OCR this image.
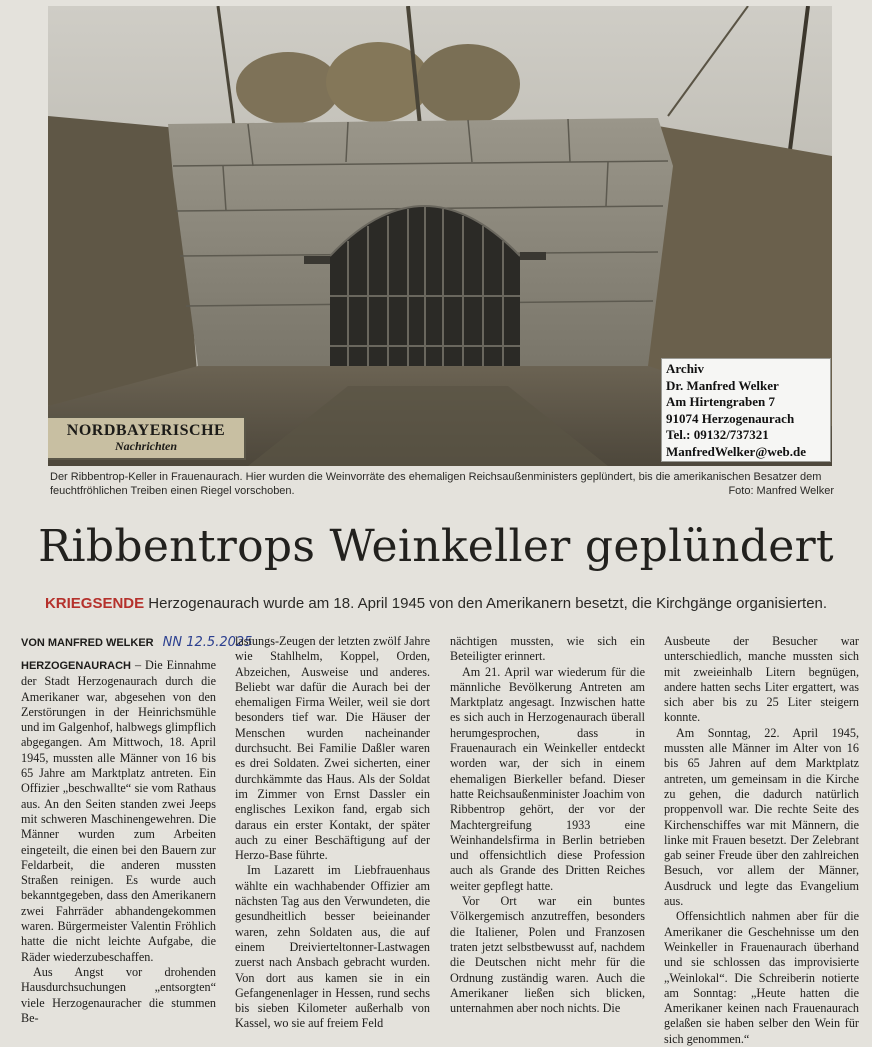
NORDBAYERISCHE
Nachrichten
Archiv
Dr. Manfred Welker
Am Hirtengraben 7
91074 Herzogenaurach
Tel.: 09132/737321
ManfredWelker@web.de
Der Ribbentrop-Keller in Frauenaurach. Hier wurden die Weinvorräte des ehemaligen Reichsaußenministers geplündert, bis die amerikanischen Besatzer dem feuchtfröhlichen Treiben einen Riegel vorschoben.	Foto: Manfred Welker
Ribbentrops Weinkeller geplündert
KRIEGSENDE Herzogenaurach wurde am 18. April 1945 von den Amerikanern besetzt, die Kirchgänge organisierten.
VON MANFRED WELKER NN 12.5.2025

HERZOGENAURACH – Die Einnahme der Stadt Herzogenaurach durch die Amerikaner war, abgesehen von den Zerstörungen in der Heinrichsmühle und im Galgenhof, halbwegs glimpflich abgegangen. Am Mittwoch, 18. April 1945, mussten alle Männer von 16 bis 65 Jahre am Marktplatz antreten. Ein Offizier „beschwallte“ sie vom Rathaus aus. An den Seiten standen zwei Jeeps mit schweren Maschinengewehren. Die Männer wurden zum Arbeiten eingeteilt, die einen bei den Bauern zur Feldarbeit, die anderen mussten Straßen reinigen. Es wurde auch bekanntgegeben, dass den Amerikanern zwei Fahrräder abhandengekommen waren. Bürgermeister Valentin Fröhlich hatte die nicht leichte Aufgabe, die Räder wiederzubeschaffen.

Aus Angst vor drohenden Hausdurchsuchungen „entsorgten“ viele Herzogenauracher die stummen Be-

lastungs-Zeugen der letzten zwölf Jahre wie Stahlhelm, Koppel, Orden, Abzeichen, Ausweise und anderes. Beliebt war dafür die Aurach bei der ehemaligen Firma Weiler, weil sie dort besonders tief war. Die Häuser der Menschen wurden nacheinander durchsucht. Bei Familie Daßler waren es drei Soldaten. Zwei sicherten, einer durchkämmte das Haus. Als der Soldat im Zimmer von Ernst Dassler ein englisches Lexikon fand, ergab sich daraus ein erster Kontakt, der später auch zu einer Beschäftigung auf der Herzo-Base führte.

Im Lazarett im Liebfrauenhaus wählte ein wachhabender Offizier am nächsten Tag aus den Verwundeten, die gesundheitlich besser beieinander waren, zehn Soldaten aus, die auf einem Dreivierteltonner-Lastwagen zuerst nach Ansbach gebracht wurden. Von dort aus kamen sie in ein Gefangenenlager in Hessen, rund sechs bis sieben Kilometer außerhalb von Kassel, wo sie auf freiem Feld

nächtigen mussten, wie sich ein Beteiligter erinnert.

Am 21. April war wiederum für die männliche Bevölkerung Antreten am Marktplatz angesagt. Inzwischen hatte es sich auch in Herzogenaurach überall herumgesprochen, dass in Frauenaurach ein Weinkeller entdeckt worden war, der sich in einem ehemaligen Bierkeller befand. Dieser hatte Reichsaußenminister Joachim von Ribbentrop gehört, der vor der Machtergreifung 1933 eine Weinhandelsfirma in Berlin betrieben und offensichtlich diese Profession auch als Grande des Dritten Reiches weiter gepflegt hatte.

Vor Ort war ein buntes Völkergemisch anzutreffen, besonders die Italiener, Polen und Franzosen traten jetzt selbstbewusst auf, nachdem die Deutschen nicht mehr für die Ordnung zuständig waren. Auch die Amerikaner ließen sich blicken, unternahmen aber noch nichts. Die

Ausbeute der Besucher war unterschiedlich, manche mussten sich mit zweieinhalb Litern begnügen, andere hatten sechs Liter ergattert, was sich aber bis zu 25 Liter steigern konnte.

Am Sonntag, 22. April 1945, mussten alle Männer im Alter von 16 bis 65 Jahren auf dem Marktplatz antreten, um gemeinsam in die Kirche zu gehen, die dadurch natürlich proppenvoll war. Die rechte Seite des Kirchenschiffes war mit Männern, die linke mit Frauen besetzt. Der Zelebrant gab seiner Freude über den zahlreichen Besuch, vor allem der Männer, Ausdruck und legte das Evangelium aus.

Offensichtlich nahmen aber für die Amerikaner die Geschehnisse um den Weinkeller in Frauenaurach überhand und sie schlossen das improvisierte „Weinlokal“. Die Schreiberin notierte am Sonntag: „Heute hatten die Amerikaner keinen nach Frauenaurach gelaßen sie haben selber den Wein für sich genommen.“
